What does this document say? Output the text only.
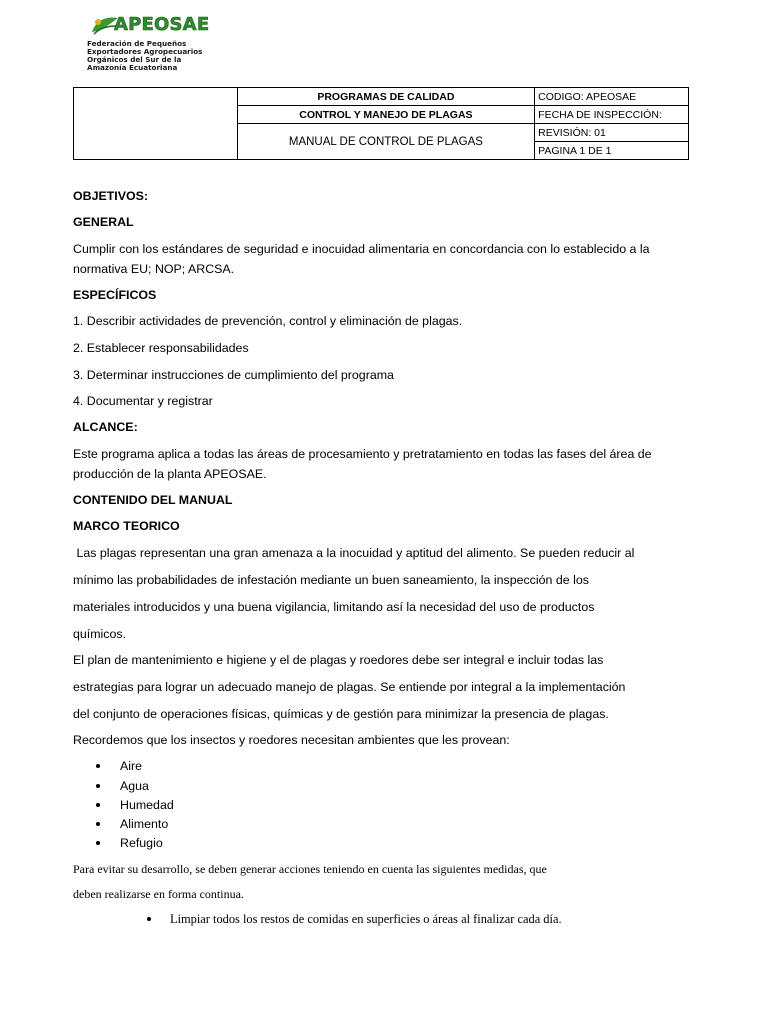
APEOSAE
Federación de Pequeños
Exportadores Agropecuarios
Orgánicos del Sur de la
Amazonía Ecuatoriana
	PROGRAMAS DE CALIDAD	CODIGO: APEOSAE
	CONTROL Y MANEJO DE PLAGAS	FECHA DE INSPECCIÓN:
	MANUAL DE CONTROL DE PLAGAS	REVISIÓN: 01
		PAGINA 1 DE 1
OBJETIVOS:
GENERAL
Cumplir con los estándares de seguridad e inocuidad alimentaria en concordancia con lo establecido a la
normativa EU; NOP; ARCSA.
ESPECÍFICOS
1. Describir actividades de prevención, control y eliminación de plagas.
2. Establecer responsabilidades
3. Determinar instrucciones de cumplimiento del programa
4. Documentar y registrar
ALCANCE:
Este programa aplica a todas las áreas de procesamiento y pretratamiento en todas las fases del área de
producción de la planta APEOSAE.
CONTENIDO DEL MANUAL
MARCO TEORICO
Las plagas representan una gran amenaza a la inocuidad y aptitud del alimento. Se pueden reducir al
mínimo las probabilidades de infestación mediante un buen saneamiento, la inspección de los
materiales introducidos y una buena vigilancia, limitando así la necesidad del uso de productos
químicos.
El plan de mantenimiento e higiene y el de plagas y roedores debe ser integral e incluir todas las
estrategias para lograr un adecuado manejo de plagas. Se entiende por integral a la implementación
del conjunto de operaciones físicas, químicas y de gestión para minimizar la presencia de plagas.
Recordemos que los insectos y roedores necesitan ambientes que les provean:
Aire
Agua
Humedad
Alimento
Refugio
Para evitar su desarrollo, se deben generar acciones teniendo en cuenta las siguientes medidas, que
deben realizarse en forma continua.
Limpiar todos los restos de comidas en superficies o áreas al finalizar cada día.
